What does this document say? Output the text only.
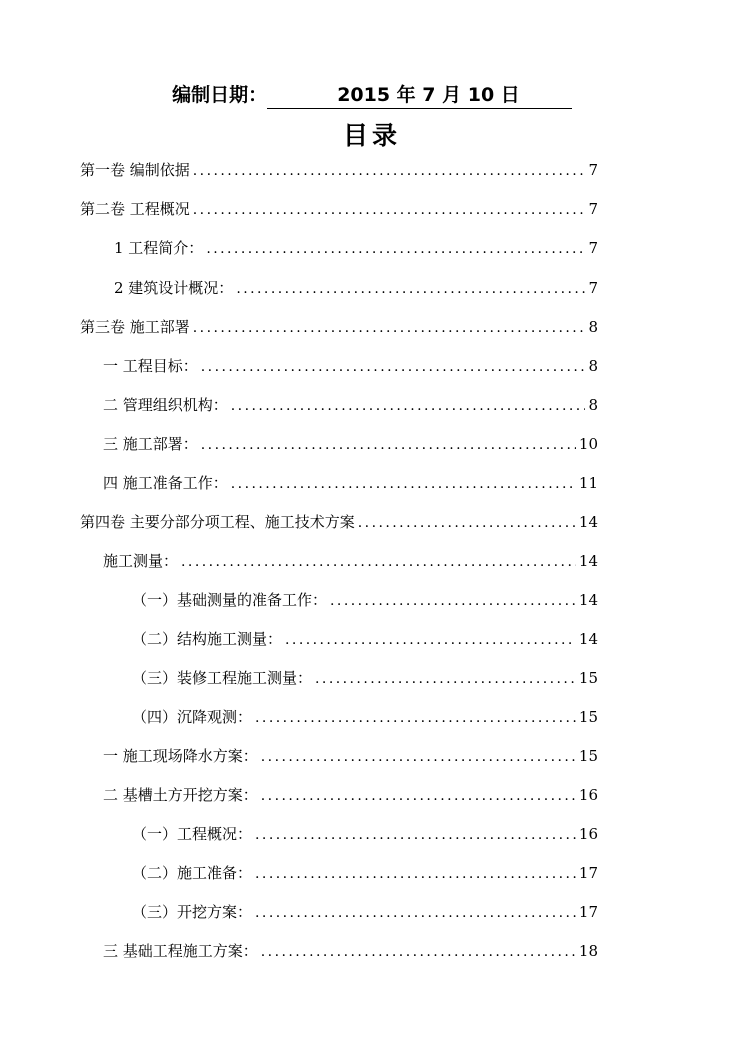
编制日期：	2015 年 7 月 10 日
目录
第一卷 编制依据 . . .	7
第二卷 工程概况 . . .	7
1 工程简介： . . .	7
2 建筑设计概况： . . .	7
第三卷 施工部署 . . .	8
一 工程目标： . . .	8
二 管理组织机构： . . .	8
三 施工部署： . . .	10
四 施工准备工作： . . .	11
第四卷 主要分部分项工程、施工技术方案 . . .	14
施工测量： . . .	14
（一）基础测量的准备工作： . . .	14
（二）结构施工测量： . . .	14
（三）装修工程施工测量： . . .	15
（四）沉降观测： . . .	15
一 施工现场降水方案： . . .	15
二 基槽土方开挖方案： . . .	16
（一）工程概况： . . .	16
（二）施工准备： . . .	17
（三）开挖方案： . . .	17
三 基础工程施工方案： . . .	18
